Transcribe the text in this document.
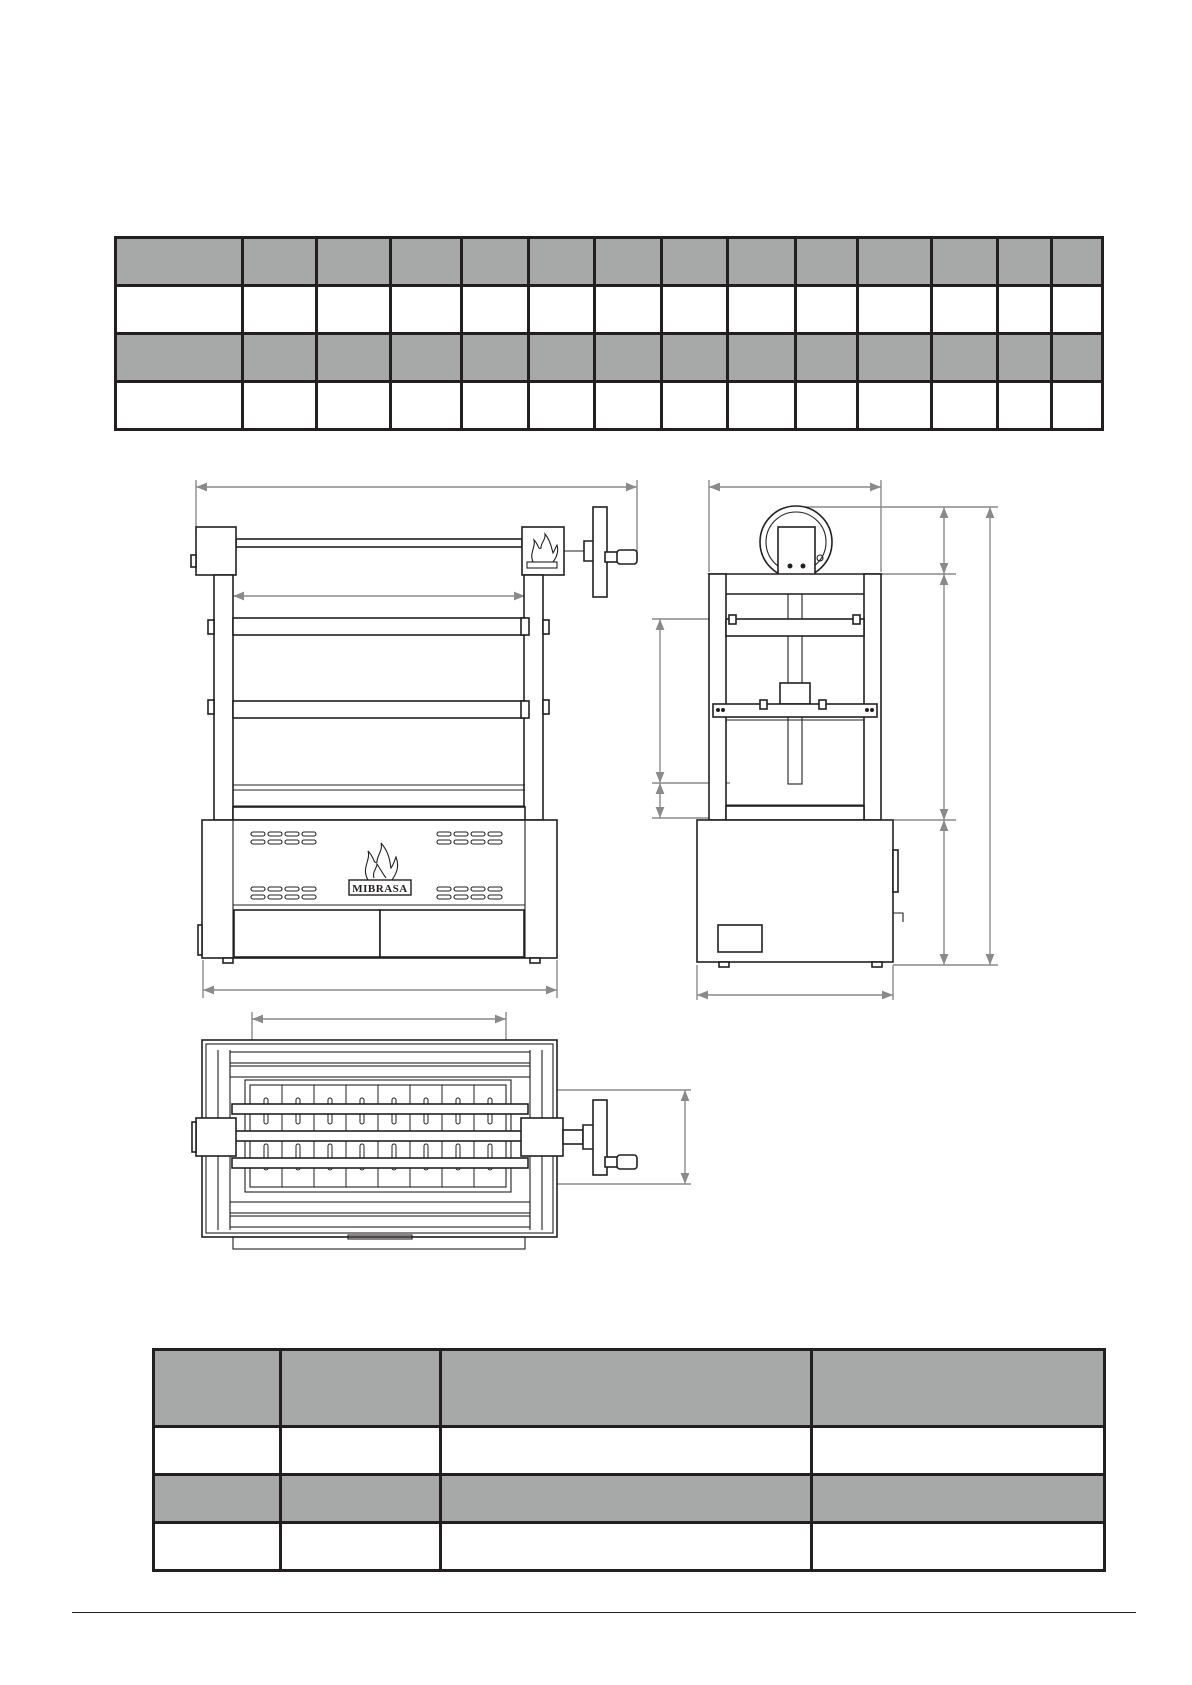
MIBRASA
